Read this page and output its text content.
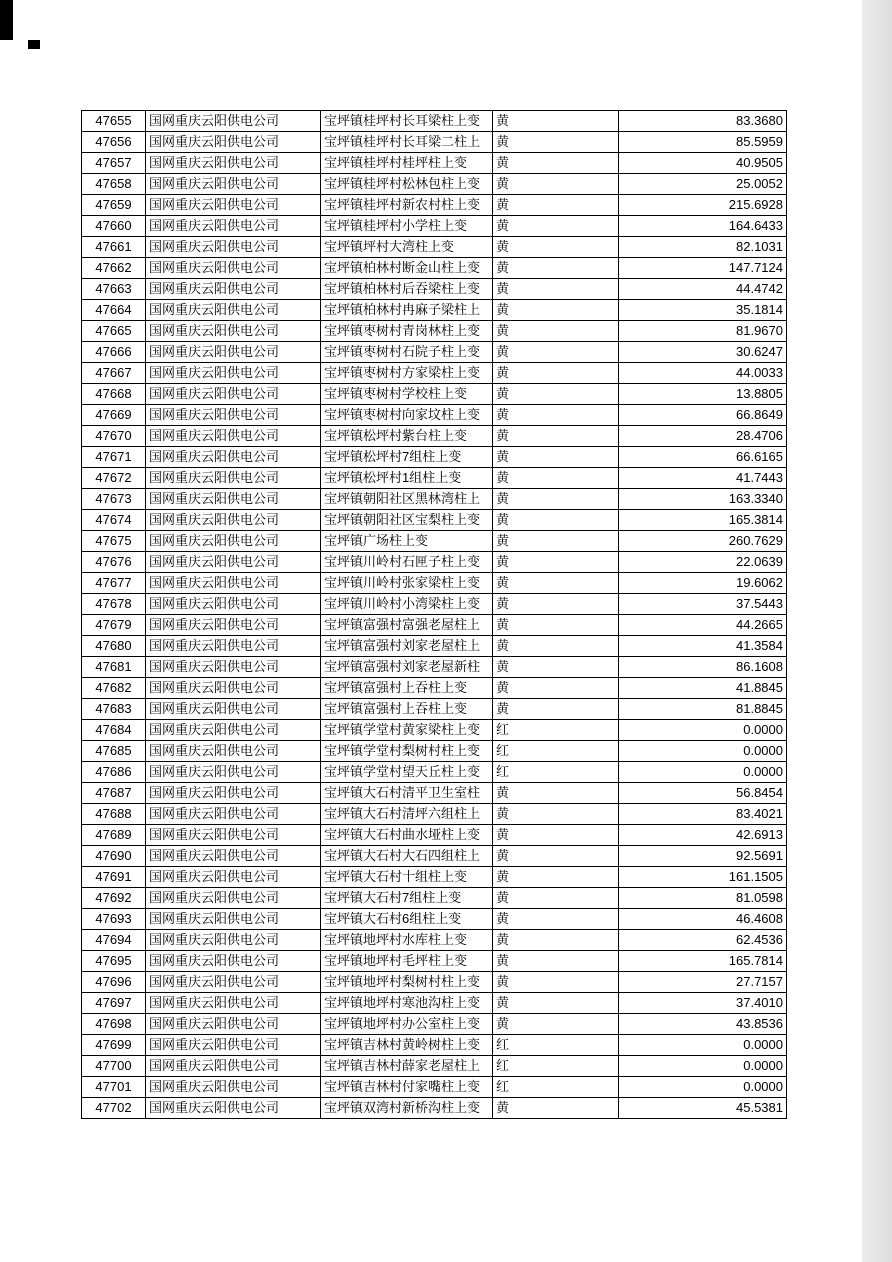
47655	国网重庆云阳供电公司	宝坪镇桂坪村长耳梁柱上变	黄	83.3680
47656	国网重庆云阳供电公司	宝坪镇桂坪村长耳梁二柱上	黄	85.5959
47657	国网重庆云阳供电公司	宝坪镇桂坪村桂坪柱上变	黄	40.9505
47658	国网重庆云阳供电公司	宝坪镇桂坪村松林包柱上变	黄	25.0052
47659	国网重庆云阳供电公司	宝坪镇桂坪村新农村柱上变	黄	215.6928
47660	国网重庆云阳供电公司	宝坪镇桂坪村小学柱上变	黄	164.6433
47661	国网重庆云阳供电公司	宝坪镇坪村大湾柱上变	黄	82.1031
47662	国网重庆云阳供电公司	宝坪镇柏林村断金山柱上变	黄	147.7124
47663	国网重庆云阳供电公司	宝坪镇柏林村后吞梁柱上变	黄	44.4742
47664	国网重庆云阳供电公司	宝坪镇柏林村冉麻子梁柱上	黄	35.1814
47665	国网重庆云阳供电公司	宝坪镇枣树村青岗林柱上变	黄	81.9670
47666	国网重庆云阳供电公司	宝坪镇枣树村石院子柱上变	黄	30.6247
47667	国网重庆云阳供电公司	宝坪镇枣树村方家梁柱上变	黄	44.0033
47668	国网重庆云阳供电公司	宝坪镇枣树村学校柱上变	黄	13.8805
47669	国网重庆云阳供电公司	宝坪镇枣树村向家坟柱上变	黄	66.8649
47670	国网重庆云阳供电公司	宝坪镇松坪村紫台柱上变	黄	28.4706
47671	国网重庆云阳供电公司	宝坪镇松坪村7组柱上变	黄	66.6165
47672	国网重庆云阳供电公司	宝坪镇松坪村1组柱上变	黄	41.7443
47673	国网重庆云阳供电公司	宝坪镇朝阳社区黑林湾柱上	黄	163.3340
47674	国网重庆云阳供电公司	宝坪镇朝阳社区宝梨柱上变	黄	165.3814
47675	国网重庆云阳供电公司	宝坪镇广场柱上变	黄	260.7629
47676	国网重庆云阳供电公司	宝坪镇川岭村石匣子柱上变	黄	22.0639
47677	国网重庆云阳供电公司	宝坪镇川岭村张家梁柱上变	黄	19.6062
47678	国网重庆云阳供电公司	宝坪镇川岭村小湾梁柱上变	黄	37.5443
47679	国网重庆云阳供电公司	宝坪镇富强村富强老屋柱上	黄	44.2665
47680	国网重庆云阳供电公司	宝坪镇富强村刘家老屋柱上	黄	41.3584
47681	国网重庆云阳供电公司	宝坪镇富强村刘家老屋新柱	黄	86.1608
47682	国网重庆云阳供电公司	宝坪镇富强村上吞柱上变	黄	41.8845
47683	国网重庆云阳供电公司	宝坪镇富强村上吞柱上变	黄	81.8845
47684	国网重庆云阳供电公司	宝坪镇学堂村黄家梁柱上变	红	0.0000
47685	国网重庆云阳供电公司	宝坪镇学堂村梨树村柱上变	红	0.0000
47686	国网重庆云阳供电公司	宝坪镇学堂村望天丘柱上变	红	0.0000
47687	国网重庆云阳供电公司	宝坪镇大石村清平卫生室柱	黄	56.8454
47688	国网重庆云阳供电公司	宝坪镇大石村清坪六组柱上	黄	83.4021
47689	国网重庆云阳供电公司	宝坪镇大石村曲水垭柱上变	黄	42.6913
47690	国网重庆云阳供电公司	宝坪镇大石村大石四组柱上	黄	92.5691
47691	国网重庆云阳供电公司	宝坪镇大石村十组柱上变	黄	161.1505
47692	国网重庆云阳供电公司	宝坪镇大石村7组柱上变	黄	81.0598
47693	国网重庆云阳供电公司	宝坪镇大石村6组柱上变	黄	46.4608
47694	国网重庆云阳供电公司	宝坪镇地坪村水库柱上变	黄	62.4536
47695	国网重庆云阳供电公司	宝坪镇地坪村毛坪柱上变	黄	165.7814
47696	国网重庆云阳供电公司	宝坪镇地坪村梨树村柱上变	黄	27.7157
47697	国网重庆云阳供电公司	宝坪镇地坪村寒池沟柱上变	黄	37.4010
47698	国网重庆云阳供电公司	宝坪镇地坪村办公室柱上变	黄	43.8536
47699	国网重庆云阳供电公司	宝坪镇吉林村黄岭树柱上变	红	0.0000
47700	国网重庆云阳供电公司	宝坪镇吉林村薛家老屋柱上	红	0.0000
47701	国网重庆云阳供电公司	宝坪镇吉林村付家嘴柱上变	红	0.0000
47702	国网重庆云阳供电公司	宝坪镇双湾村新桥沟柱上变	黄	45.5381
